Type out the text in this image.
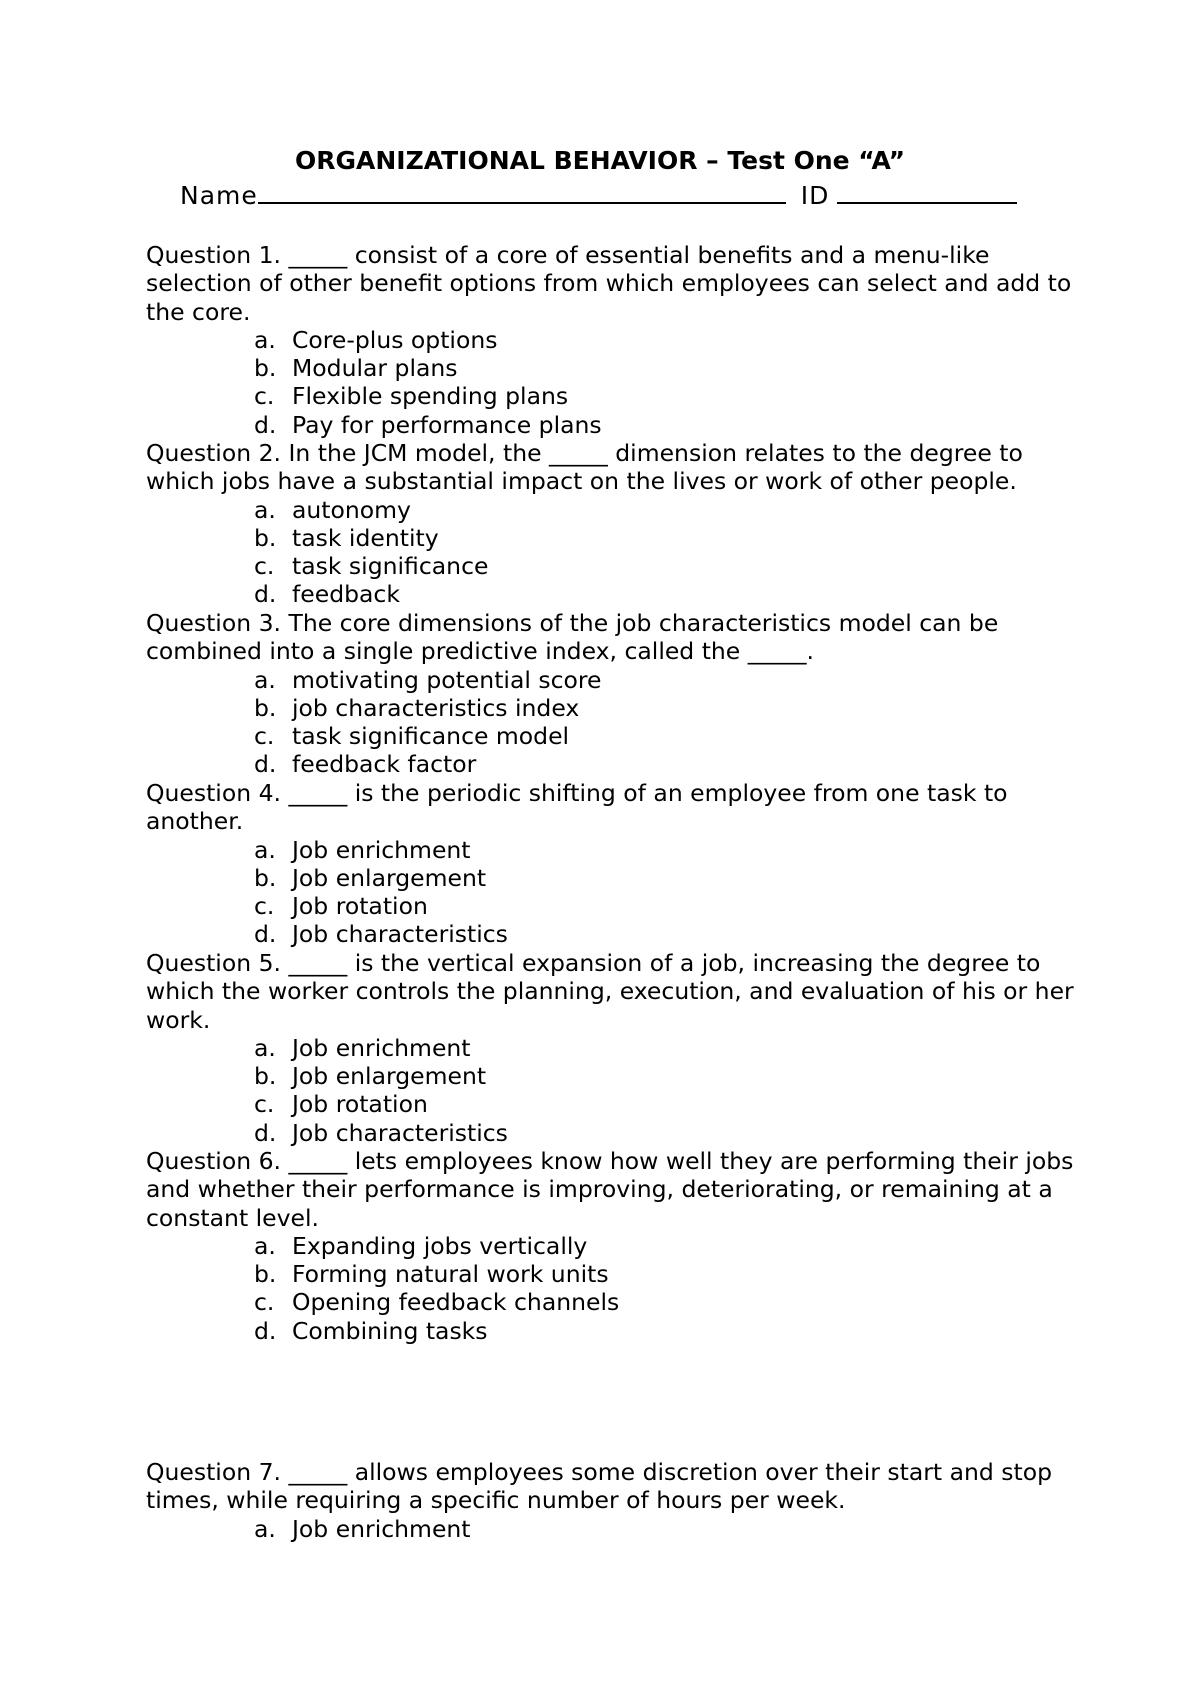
ORGANIZATIONAL BEHAVIOR – Test One “A”
Name	ID

Question 1. _____ consist of a core of essential benefits and a menu-like selection of other benefit options from which employees can select and add to the core.

a. Core-plus options
b. Modular plans
c. Flexible spending plans
d. Pay for performance plans

Question 2. In the JCM model, the _____ dimension relates to the degree to which jobs have a substantial impact on the lives or work of other people.

a. autonomy
b. task identity
c. task significance
d. feedback

Question 3. The core dimensions of the job characteristics model can be combined into a single predictive index, called the _____.

a. motivating potential score
b. job characteristics index
c. task significance model
d. feedback factor

Question 4. _____ is the periodic shifting of an employee from one task to another.

a. Job enrichment
b. Job enlargement
c. Job rotation
d. Job characteristics

Question 5. _____ is the vertical expansion of a job, increasing the degree to which the worker controls the planning, execution, and evaluation of his or her work.

a. Job enrichment
b. Job enlargement
c. Job rotation
d. Job characteristics

Question 6. _____ lets employees know how well they are performing their jobs and whether their performance is improving, deteriorating, or remaining at a constant level.

a. Expanding jobs vertically
b. Forming natural work units
c. Opening feedback channels
d. Combining tasks

Question 7. _____ allows employees some discretion over their start and stop times, while requiring a specific number of hours per week.

a. Job enrichment
